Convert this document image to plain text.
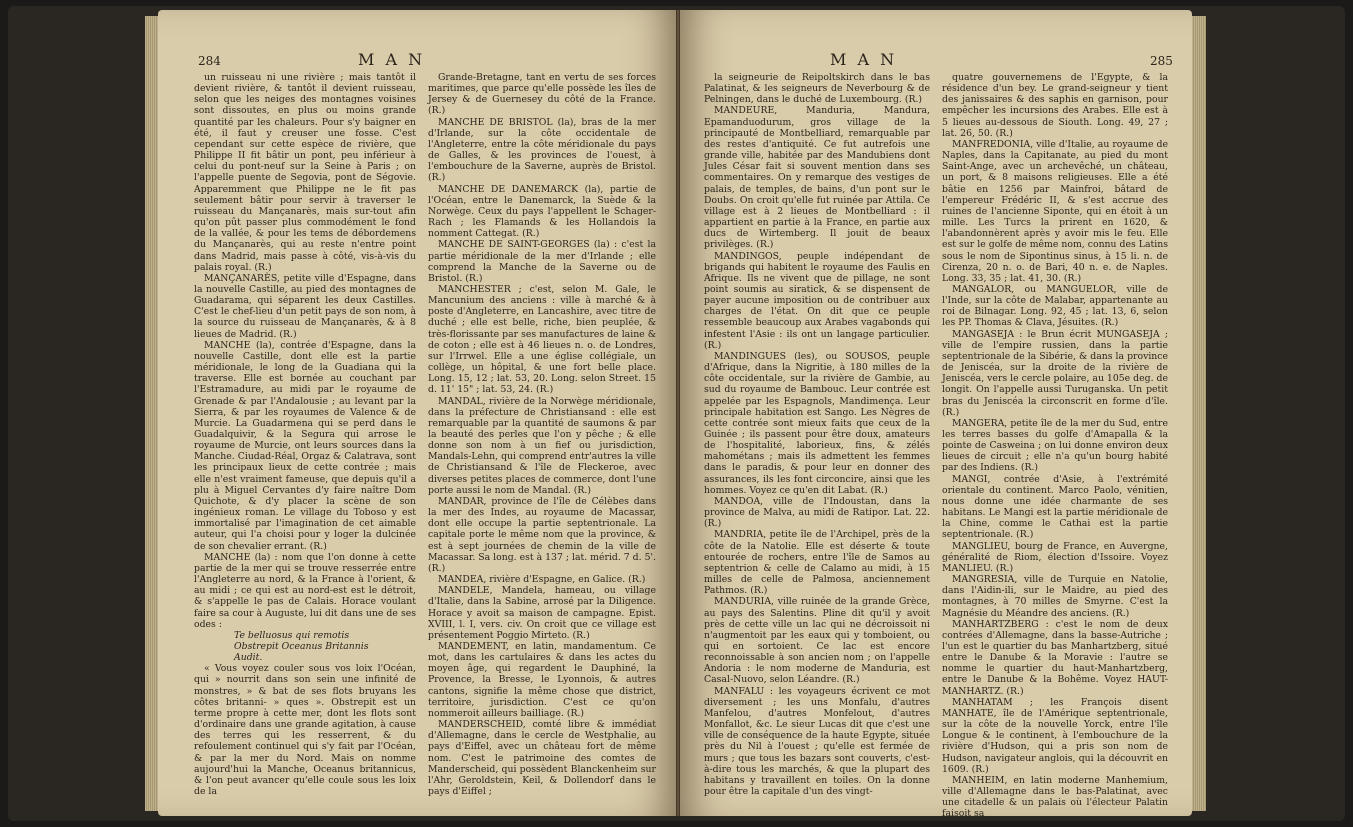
284	M A N

un ruisseau ni une rivière ; mais tantôt il devient rivière, & tantôt il devient ruisseau, selon que les neiges des montagnes voisines sont dissoutes, en plus ou moins grande quantité par les chaleurs. Pour s'y baigner en été, il faut y creuser une fosse. C'est cependant sur cette espèce de rivière, que Philippe II fit bâtir un pont, peu inférieur à celui du pont-neuf sur la Seine à Paris ; on l'appelle puente de Segovia, pont de Ségovie. Apparemment que Philippe ne le fit pas seulement bâtir pour servir à traverser le ruisseau du Mançanarès, mais sur-tout afin qu'on pût passer plus commodément le fond de la vallée, & pour les tems de débordemens du Mançanarès, qui au reste n'entre point dans Madrid, mais passe à côté, vis-à-vis du palais royal. (R.)

MANÇANARÈS, petite ville d'Espagne, dans la nouvelle Castille, au pied des montagnes de Guadarama, qui séparent les deux Castilles. C'est le chef-lieu d'un petit pays de son nom, à la source du ruisseau de Mançanarès, & à 8 lieues de Madrid. (R.)

MANCHE (la), contrée d'Espagne, dans la nouvelle Castille, dont elle est la partie méridionale, le long de la Guadiana qui la traverse. Elle est bornée au couchant par l'Estramadure, au midi par le royaume de Grenade & par l'Andalousie ; au levant par la Sierra, & par les royaumes de Valence & de Murcie. La Guadarmena qui se perd dans le Guadalquivir, & la Segura qui arrose le royaume de Murcie, ont leurs sources dans la Manche. Ciudad-Réal, Orgaz & Calatrava, sont les principaux lieux de cette contrée ; mais elle n'est vraiment fameuse, que depuis qu'il a plu à Miguel Cervantes d'y faire naître Dom Quichote, & d'y placer la scène de son ingénieux roman. Le village du Toboso y est immortalisé par l'imagination de cet aimable auteur, qui l'a choisi pour y loger la dulcinée de son chevalier errant. (R.)

MANCHE (la) : nom que l'on donne à cette partie de la mer qui se trouve resserrée entre l'Angleterre au nord, & la France à l'orient, & au midi ; ce qui est au nord-est est le détroit, & s'appelle le pas de Calais. Horace voulant faire sa cour à Auguste, lui dit dans une de ses odes :

Te belluosus qui remotis

Obstrepit Oceanus Britannis

Audit.

« Vous voyez couler sous vos loix l'Océan, qui » nourrit dans son sein une infinité de monstres, » & bat de ses flots bruyans les côtes britanni- » ques ». Obstrepit est un terme propre à cette mer, dont les flots sont d'ordinaire dans une grande agitation, à cause des terres qui les resserrent, & du refoulement continuel qui s'y fait par l'Océan, & par la mer du Nord. Mais on nomme aujourd'hui la Manche, Oceanus britannicus, & l'on peut avancer qu'elle coule sous les loix de la

Grande-Bretagne, tant en vertu de ses forces maritimes, que parce qu'elle possède les îles de Jersey & de Guernesey du côté de la France. (R.)

MANCHE DE BRISTOL (la), bras de la mer d'Irlande, sur la côte occidentale de l'Angleterre, entre la côte méridionale du pays de Galles, & les provinces de l'ouest, à l'embouchure de la Saverne, auprès de Bristol. (R.)

MANCHE DE DANEMARCK (la), partie de l'Océan, entre le Danemarck, la Suède & la Norwège. Ceux du pays l'appellent le Schager-Rach ; les Flamands & les Hollandois la nomment Cattegat. (R.)

MANCHE DE SAINT-GEORGES (la) : c'est la partie méridionale de la mer d'Irlande ; elle comprend la Manche de la Saverne ou de Bristol. (R.)

MANCHESTER ; c'est, selon M. Gale, le Mancunium des anciens : ville à marché & à poste d'Angleterre, en Lancashire, avec titre de duché ; elle est belle, riche, bien peuplée, & très-florissante par ses manufactures de laine & de coton ; elle est à 46 lieues n. o. de Londres, sur l'Irrwel. Elle a une église collégiale, un collège, un hôpital, & une fort belle place. Long. 15, 12 ; lat. 53, 20. Long. selon Street. 15 d. 11' 15" ; lat. 53, 24. (R.)

MANDAL, rivière de la Norwège méridionale, dans la préfecture de Christiansand : elle est remarquable par la quantité de saumons & par la beauté des perles que l'on y pêche ; & elle donne son nom à un fief ou jurisdiction, Mandals-Lehn, qui comprend entr'autres la ville de Christiansand & l'île de Fleckeroe, avec diverses petites places de commerce, dont l'une porte aussi le nom de Mandal. (R.)

MANDAR, province de l'île de Célèbes dans la mer des Indes, au royaume de Macassar, dont elle occupe la partie septentrionale. La capitale porte le même nom que la province, & est à sept journées de chemin de la ville de Macassar. Sa long. est à 137 ; lat. mérid. 7 d. 5'. (R.)

MANDEA, rivière d'Espagne, en Galice. (R.)

MANDELE, Mandela, hameau, ou village d'Italie, dans la Sabine, arrosé par la Diligence. Horace y avoit sa maison de campagne. Epist. XVIII, l. I, vers. civ. On croit que ce village est présentement Poggio Mirteto. (R.)

MANDEMENT, en latin, mandamentum. Ce mot, dans les cartulaires & dans les actes du moyen âge, qui regardent le Dauphiné, la Provence, la Bresse, le Lyonnois, & autres cantons, signifie la même chose que district, territoire, jurisdiction. C'est ce qu'on nommeroit ailleurs bailliage. (R.)

MANDERSCHEID, comté libre & immédiat d'Allemagne, dans le cercle de Westphalie, au pays d'Eiffel, avec un château fort de même nom. C'est le patrimoine des comtes de Manderscheid, qui possèdent Blanckenheim sur l'Ahr, Geroldstein, Keil, & Dollendorf dans le pays d'Eiffel ;

M A N	285

la seigneurie de Reipoltskirch dans le bas Palatinat, & les seigneurs de Neverbourg & de Pelningen, dans le duché de Luxembourg. (R.)

MANDEURE, Manduria, Mandura, Epamanduodurum, gros village de la principauté de Montbelliard, remarquable par des restes d'antiquité. Ce fut autrefois une grande ville, habitée par des Mandubiens dont Jules César fait si souvent mention dans ses commentaires. On y remarque des vestiges de palais, de temples, de bains, d'un pont sur le Doubs. On croit qu'elle fut ruinée par Attila. Ce village est à 2 lieues de Montbelliard : il appartient en partie à la France, en partie aux ducs de Wirtemberg. Il jouit de beaux privilèges. (R.)

MANDINGOS, peuple indépendant de brigands qui habitent le royaume des Faulis en Afrique. Ils ne vivent que de pillage, ne sont point soumis au siratick, & se dispensent de payer aucune imposition ou de contribuer aux charges de l'état. On dit que ce peuple ressemble beaucoup aux Arabes vagabonds qui infestent l'Asie : ils ont un langage particulier. (R.)

MANDINGUES (les), ou SOUSOS, peuple d'Afrique, dans la Nigritie, à 180 milles de la côte occidentale, sur la rivière de Gambie, au sud du royaume de Bambouc. Leur contrée est appelée par les Espagnols, Mandimença. Leur principale habitation est Sango. Les Nègres de cette contrée sont mieux faits que ceux de la Guinée ; ils passent pour être doux, amateurs de l'hospitalité, laborieux, fins, & zélés mahométans ; mais ils admettent les femmes dans le paradis, & pour leur en donner des assurances, ils les font circoncire, ainsi que les hommes. Voyez ce qu'en dit Labat. (R.)

MANDOA, ville de l'Indoustan, dans la province de Malva, au midi de Ratipor. Lat. 22. (R.)

MANDRIA, petite île de l'Archipel, près de la côte de la Natolie. Elle est déserte & toute entourée de rochers, entre l'île de Samos au septentrion & celle de Calamo au midi, à 15 milles de celle de Palmosa, anciennement Pathmos. (R.)

MANDURIA, ville ruinée de la grande Grèce, au pays des Salentins. Pline dit qu'il y avoit près de cette ville un lac qui ne décroissoit ni n'augmentoit par les eaux qui y tomboient, ou qui en sortoient. Ce lac est encore reconnoissable à son ancien nom ; on l'appelle Andoria : le nom moderne de Manduria, est Casal-Nuovo, selon Léandre. (R.)

MANFALU : les voyageurs écrivent ce mot diversement ; les uns Monfalu, d'autres Manfelou, d'autres Monfelout, d'autres Monfallot, &c. Le sieur Lucas dit que c'est une ville de conséquence de la haute Egypte, située près du Nil à l'ouest ; qu'elle est fermée de murs ; que tous les bazars sont couverts, c'est-à-dire tous les marchés, & que la plupart des habitans y travaillent en toiles. On la donne pour être la capitale d'un des vingt-

quatre gouvernemens de l'Egypte, & la résidence d'un bey. Le grand-seigneur y tient des janissaires & des saphis en garnison, pour empêcher les incursions des Arabes. Elle est à 5 lieues au-dessous de Siouth. Long. 49, 27 ; lat. 26, 50. (R.)

MANFREDONIA, ville d'Italie, au royaume de Naples, dans la Capitanate, au pied du mont Saint-Ange, avec un archevêché, un château, un port, & 8 maisons religieuses. Elle a été bâtie en 1256 par Mainfroi, bâtard de l'empereur Frédéric II, & s'est accrue des ruines de l'ancienne Siponte, qui en étoit à un mille. Les Turcs la prirent en 1620, & l'abandonnèrent après y avoir mis le feu. Elle est sur le golfe de même nom, connu des Latins sous le nom de Sipontinus sinus, à 15 li. n. de Cirenza, 20 n. o. de Bari, 40 n. e. de Naples. Long. 33, 35 ; lat. 41, 30. (R.)

MANGALOR, ou MANGUELOR, ville de l'Inde, sur la côte de Malabar, appartenante au roi de Bilnagar. Long. 92, 45 ; lat. 13, 6, selon les PP. Thomas & Clava, Jésuites. (R.)

MANGASEJA : le Brun écrit MUNGASEJA ; ville de l'empire russien, dans la partie septentrionale de la Sibérie, & dans la province de Jeniscéa, sur la droite de la rivière de Jeniscéa, vers le cercle polaire, au 105e deg. de longit. On l'appelle aussi Turuganska. Un petit bras du Jeniscéa la circonscrit en forme d'île. (R.)

MANGERA, petite île de la mer du Sud, entre les terres basses du golfe d'Amapalla & la pointe de Casweina ; on lui donne environ deux lieues de circuit ; elle n'a qu'un bourg habité par des Indiens. (R.)

MANGI, contrée d'Asie, à l'extrémité orientale du continent. Marco Paolo, vénitien, nous donne une idée charmante de ses habitans. Le Mangi est la partie méridionale de la Chine, comme le Cathai est la partie septentrionale. (R.)

MANGLIEU, bourg de France, en Auvergne, généralité de Riom, élection d'Issoire. Voyez MANLIEU. (R.)

MANGRESIA, ville de Turquie en Natolie, dans l'Aidin-ili, sur le Maidre, au pied des montagnes, à 70 milles de Smyrne. C'est la Magnésie du Méandre des anciens. (R.)

MANHARTZBERG : c'est le nom de deux contrées d'Allemagne, dans la basse-Autriche ; l'un est le quartier du bas Manhartzberg, situé entre le Danube & la Moravie : l'autre se nomme le quartier du haut-Manhartzberg, entre le Danube & la Bohême. Voyez HAUT-MANHARTZ. (R.)

MANHATAM ; les François disent MANHATE, île de l'Amérique septentrionale, sur la côte de la nouvelle Yorck, entre l'île Longue & le continent, à l'embouchure de la rivière d'Hudson, qui a pris son nom de Hudson, navigateur anglois, qui la découvrit en 1609. (R.)

MANHEIM, en latin moderne Manhemium, ville d'Allemagne dans le bas-Palatinat, avec une citadelle & un palais où l'électeur Palatin faisoit sa
